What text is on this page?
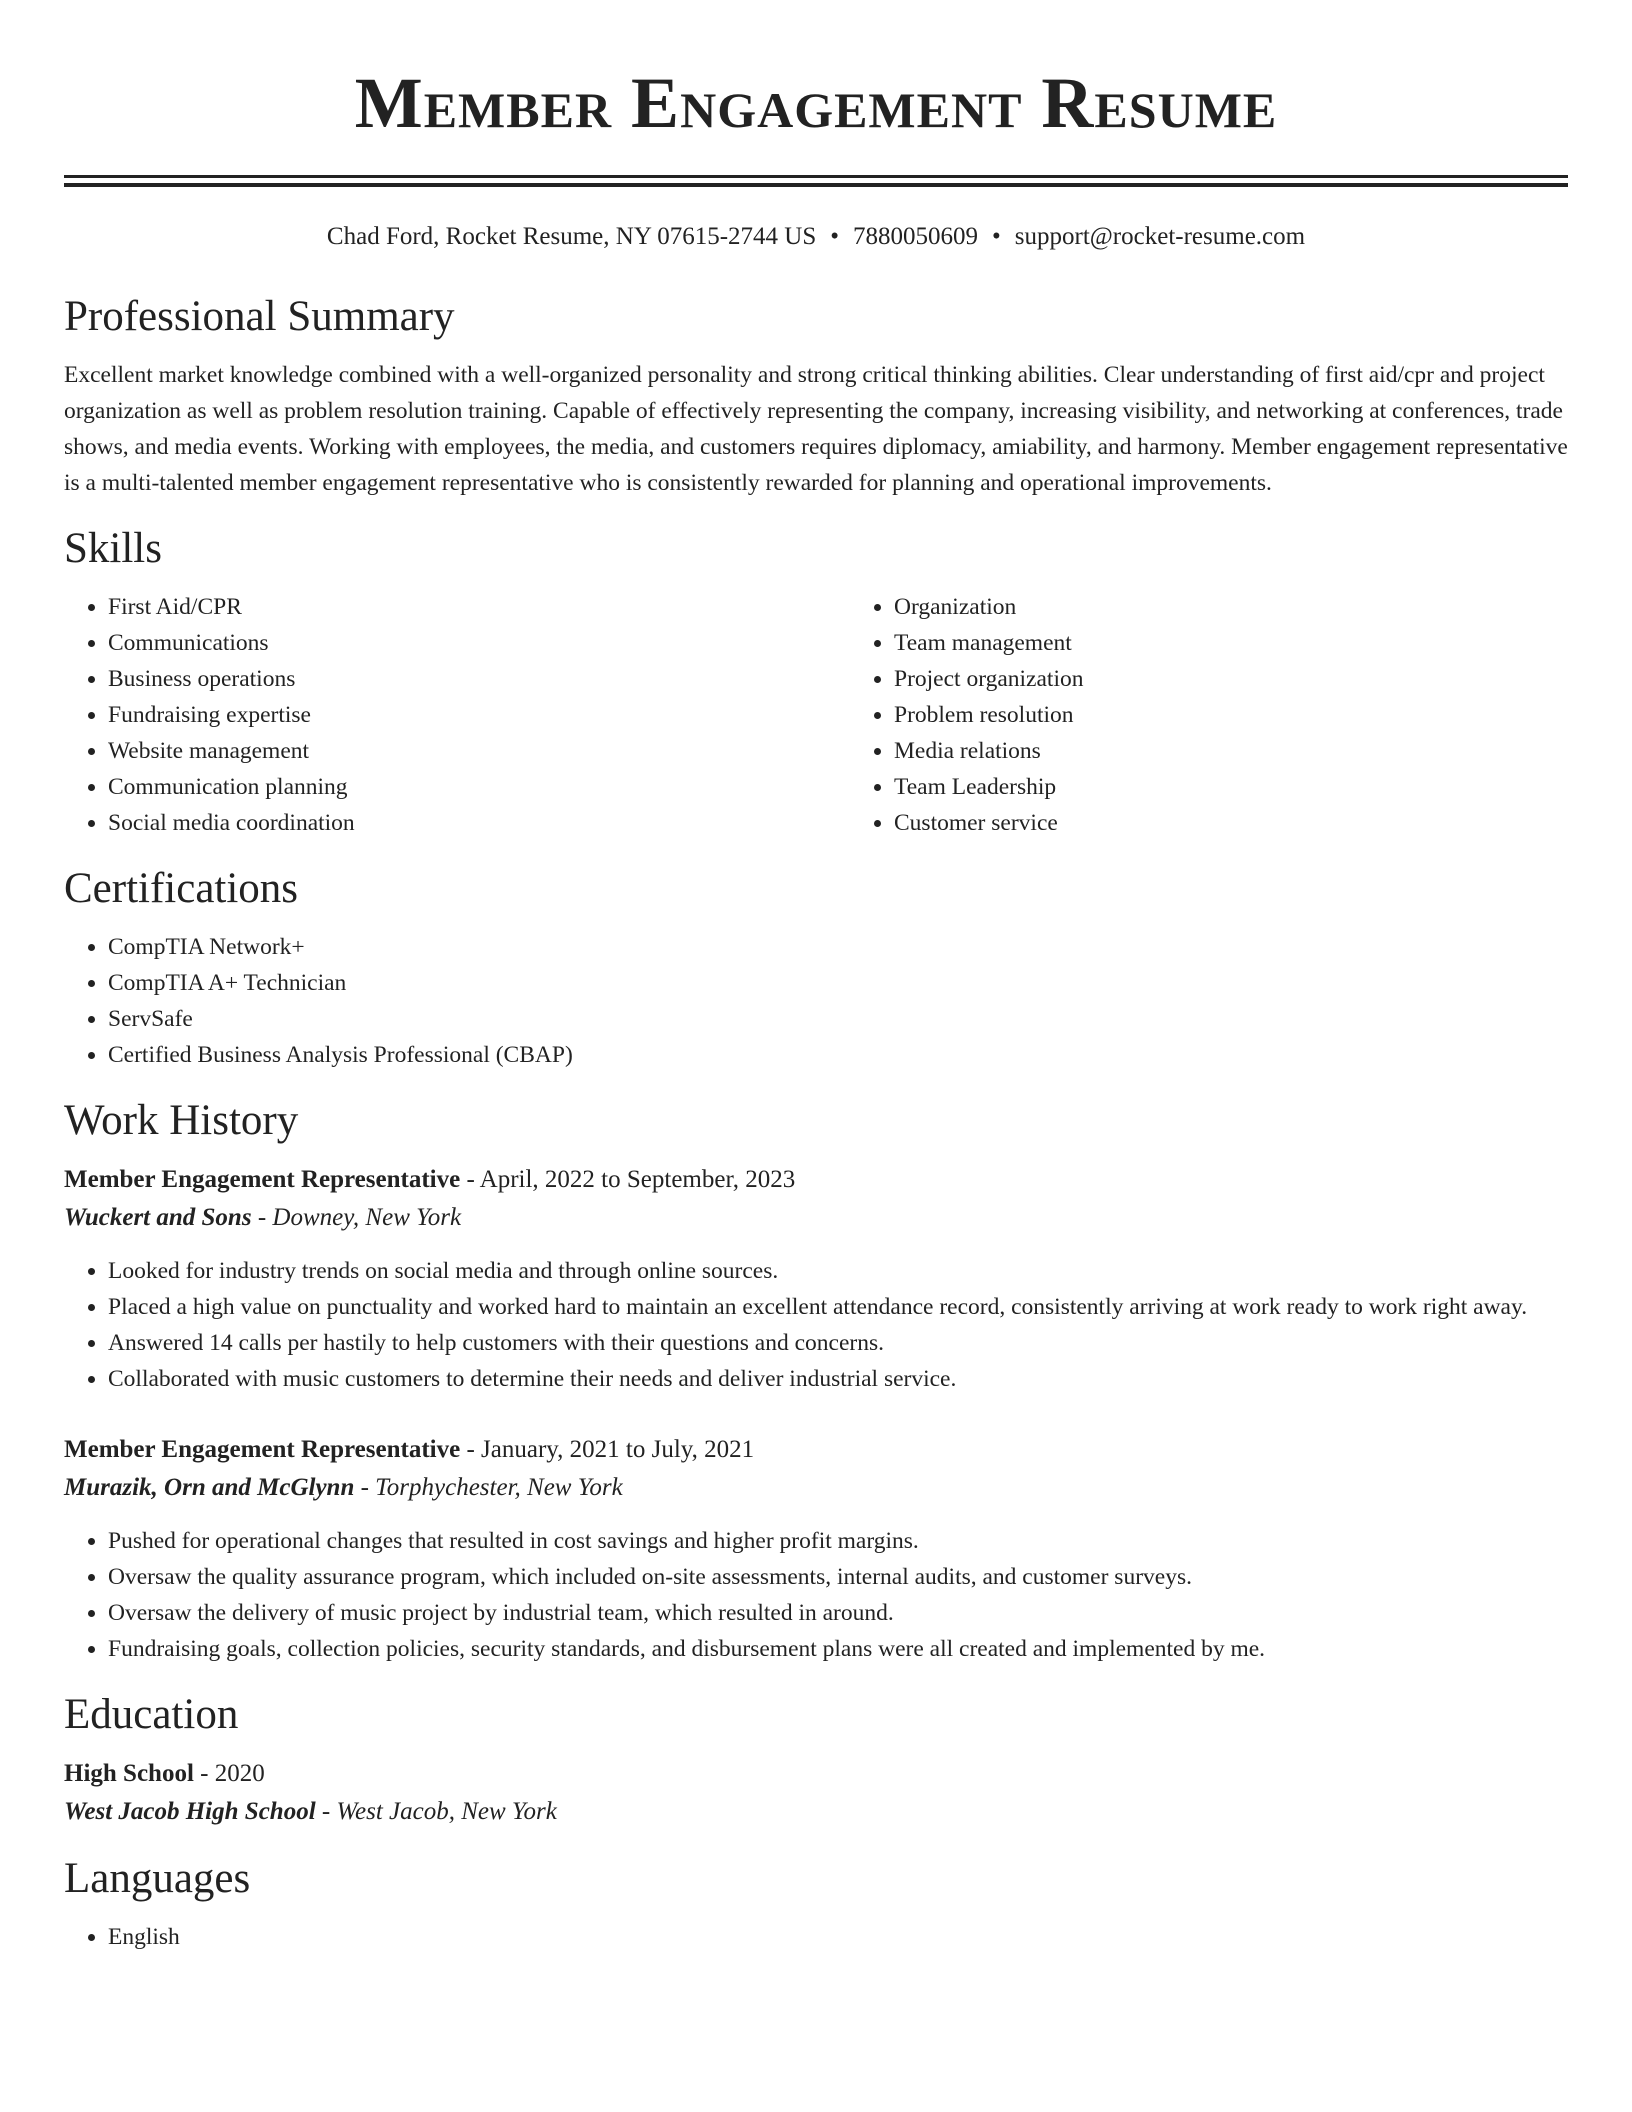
Member Engagement Resume
Chad Ford, Rocket Resume, NY 07615-2744 US • 7880050609 • support@rocket-resume.com
Professional Summary

Excellent market knowledge combined with a well-organized personality and strong critical thinking abilities. Clear understanding of first aid/cpr and project organization as well as problem resolution training. Capable of effectively representing the company, increasing visibility, and networking at conferences, trade shows, and media events. Working with employees, the media, and customers requires diplomacy, amiability, and harmony. Member engagement representative is a multi-talented member engagement representative who is consistently rewarded for planning and operational improvements.

Skills
• First Aid/CPR
• Communications
• Business operations
• Fundraising expertise
• Website management
• Communication planning
• Social media coordination
• Organization
• Team management
• Project organization
• Problem resolution
• Media relations
• Team Leadership
• Customer service
Certifications
• CompTIA Network+
• CompTIA A+ Technician
• ServSafe
• Certified Business Analysis Professional (CBAP)
Work History
Member Engagement Representative - April, 2022 to September, 2023
Wuckert and Sons - Downey, New York
• Looked for industry trends on social media and through online sources.
• Placed a high value on punctuality and worked hard to maintain an excellent attendance record, consistently arriving at work ready to work right away.
• Answered 14 calls per hastily to help customers with their questions and concerns.
• Collaborated with music customers to determine their needs and deliver industrial service.
Member Engagement Representative - January, 2021 to July, 2021
Murazik, Orn and McGlynn - Torphychester, New York
• Pushed for operational changes that resulted in cost savings and higher profit margins.
• Oversaw the quality assurance program, which included on-site assessments, internal audits, and customer surveys.
• Oversaw the delivery of music project by industrial team, which resulted in around.
• Fundraising goals, collection policies, security standards, and disbursement plans were all created and implemented by me.
Education
High School - 2020
West Jacob High School - West Jacob, New York
Languages
• English
